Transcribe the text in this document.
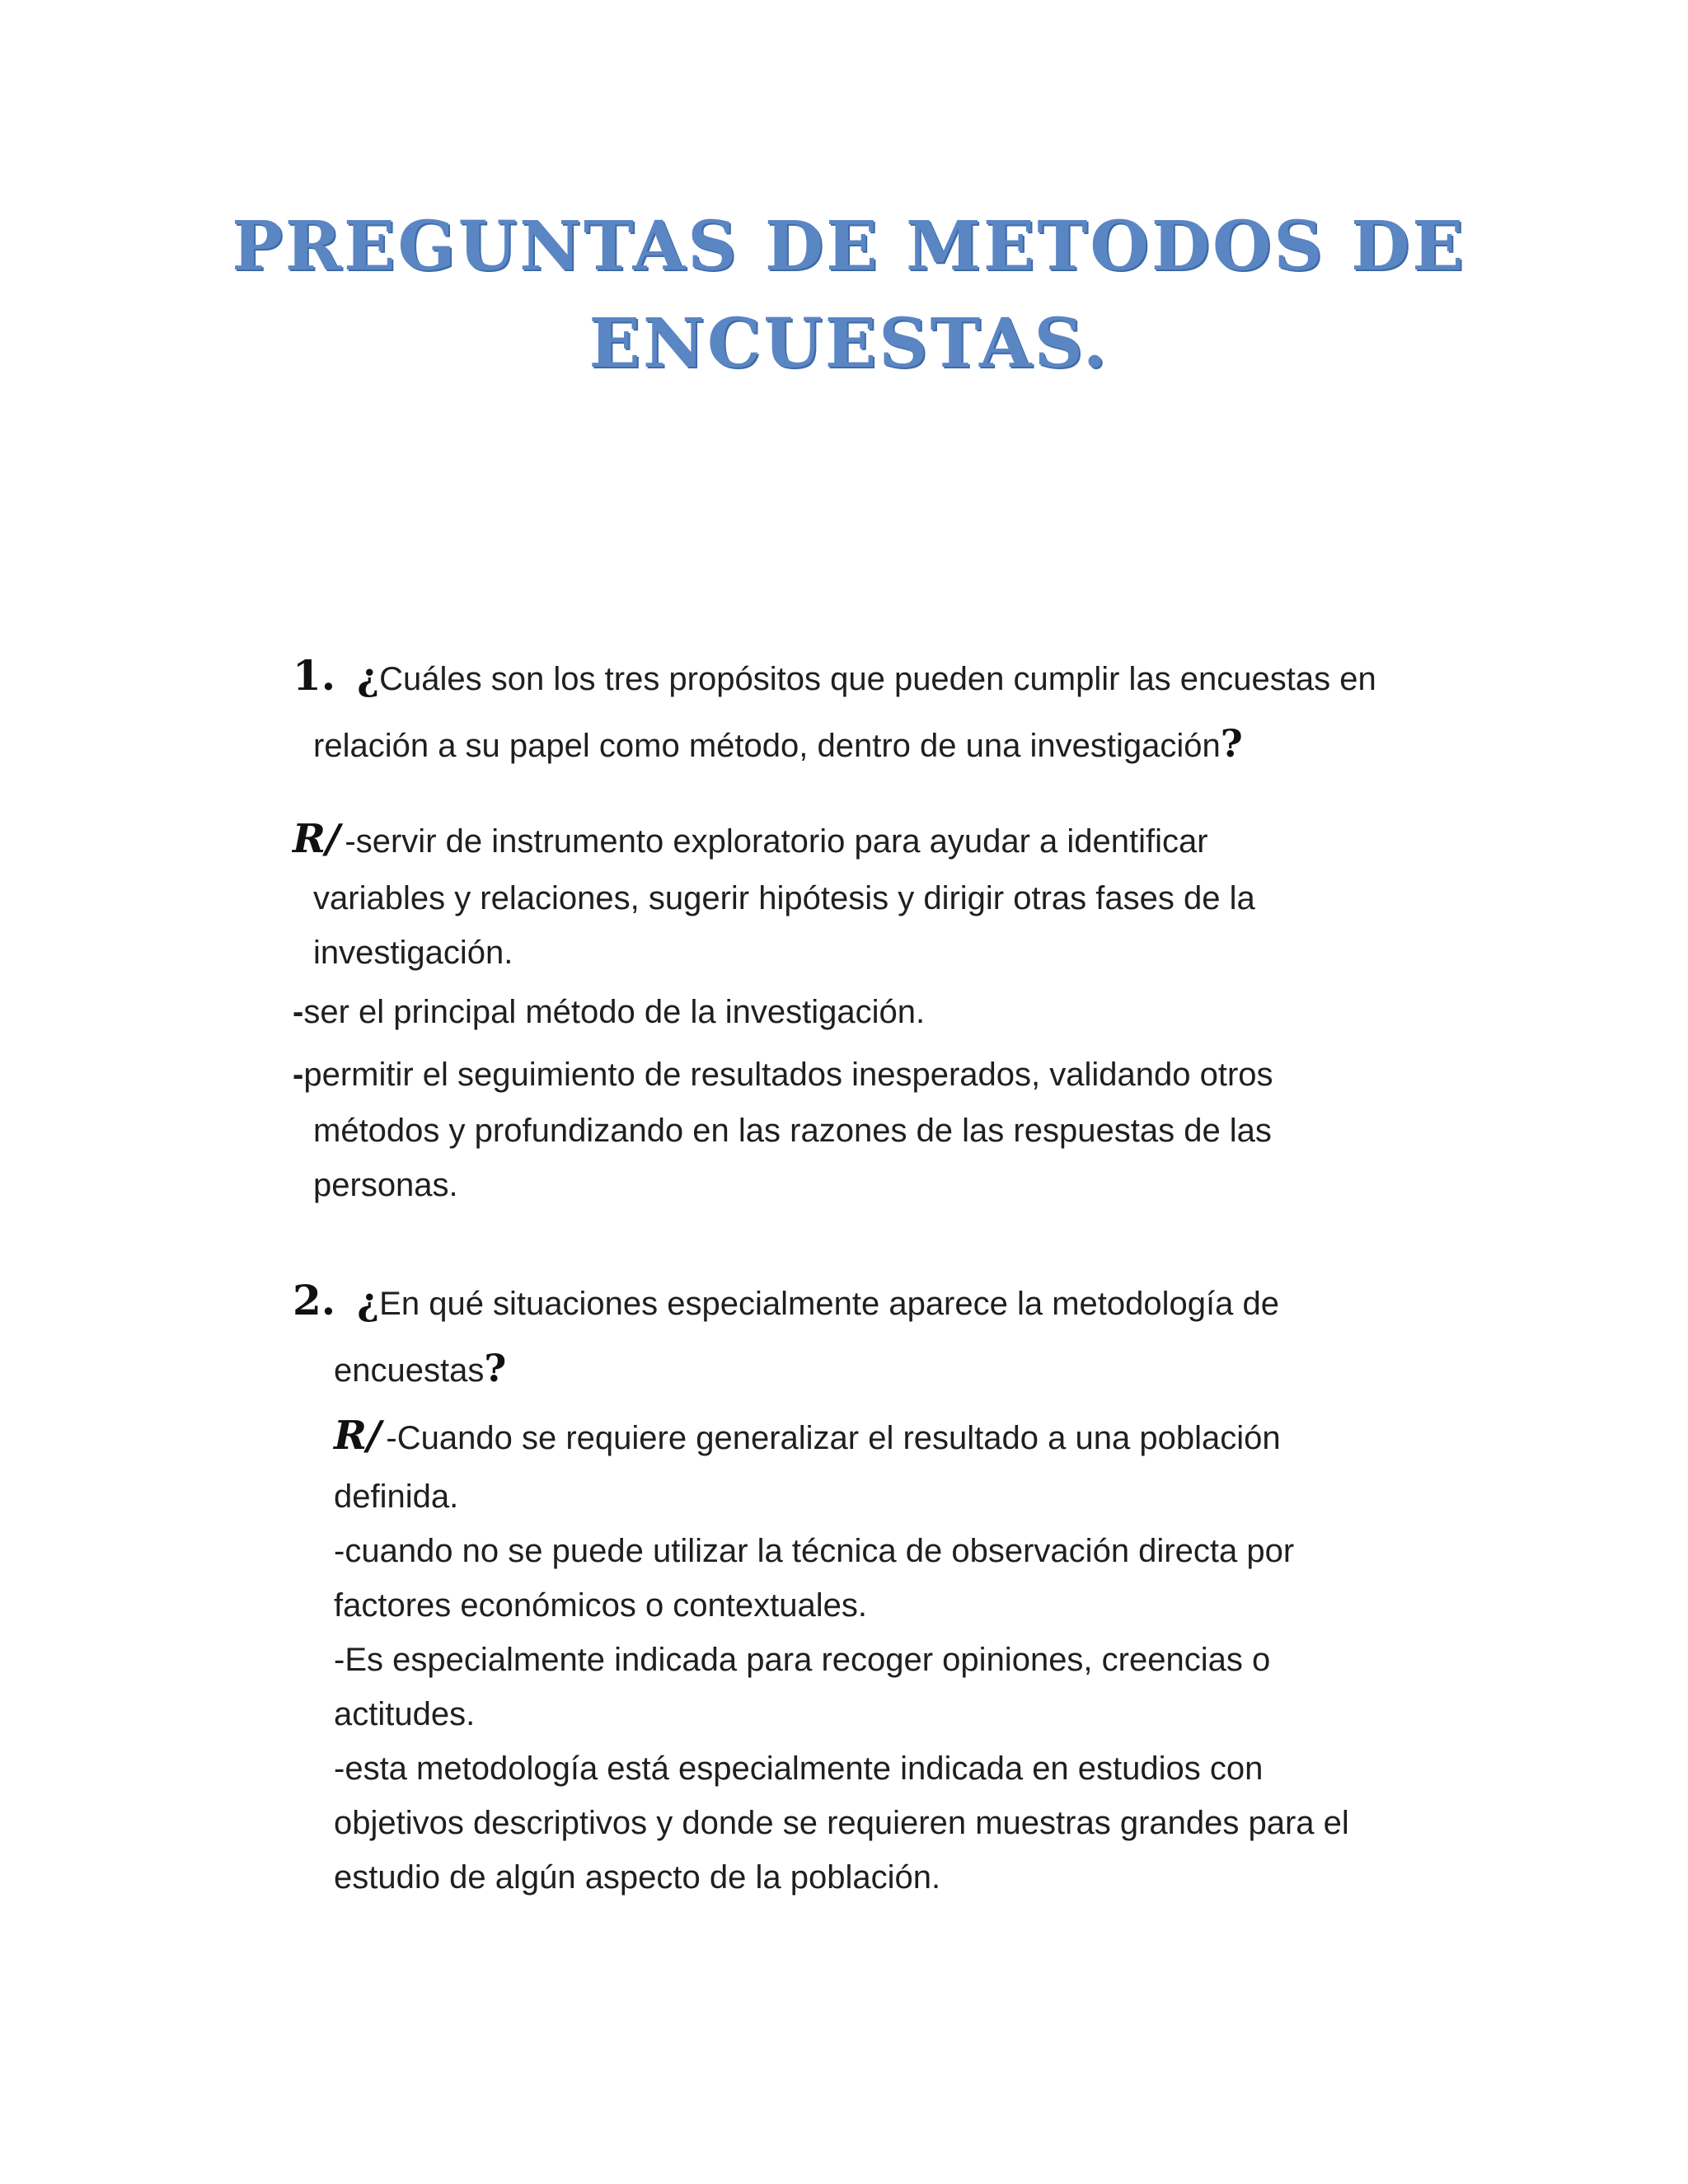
PREGUNTAS DE METODOS DE
ENCUESTAS.
1. ¿Cuáles son los tres propósitos que pueden cumplir las encuestas en
relación a su papel como método, dentro de una investigación?
R/ -servir de instrumento exploratorio para ayudar a identificar
variables y relaciones, sugerir hipótesis y dirigir otras fases de la
investigación.
-ser el principal método de la investigación.
-permitir el seguimiento de resultados inesperados, validando otros
métodos y profundizando en las razones de las respuestas de las
personas.
2. ¿En qué situaciones especialmente aparece la metodología de
encuestas?
R/ -Cuando se requiere generalizar el resultado a una población
definida.
-cuando no se puede utilizar la técnica de observación directa por
factores económicos o contextuales.
-Es especialmente indicada para recoger opiniones, creencias o
actitudes.
-esta metodología está especialmente indicada en estudios con
objetivos descriptivos y donde se requieren muestras grandes para el
estudio de algún aspecto de la población.
